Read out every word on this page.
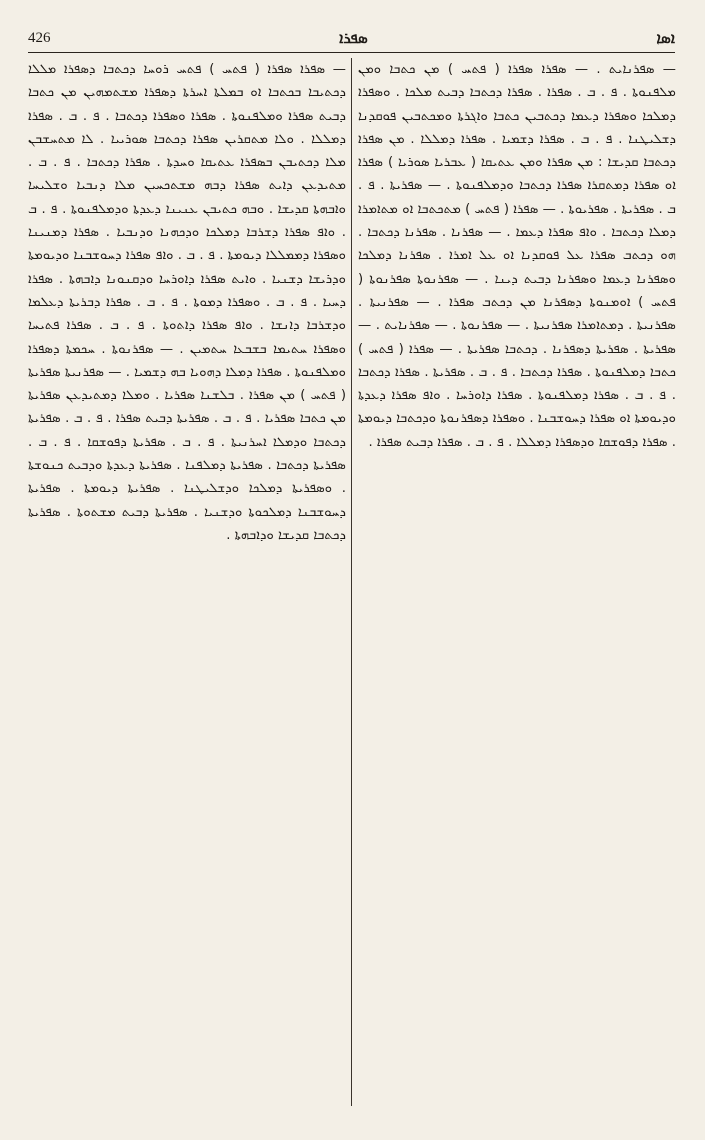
426	ܣܦܪܐ	ܐܣܐ

— ܣܦܪܐ ܣܦܪܐ ( ܦܬܚ ) ܦܬܚ ܪܘܚܐ ܕܟܬܒܐ ܕܣܦܪܐ ܡܠܠܐ ܕܟܬܝܒܐ ܒܟܬܒܐ ܐܘ ܒܡܠܬܐ ܐܚܪܬܐ ܕܣܦܪܐ ܡܫܬܡܗܝܢ ܡܢ ܟܬܒܐ ܕܒܝܬ ܣܦܪܐ ܘܡܠܦܢܘܬܐ . ܣܦܪܐ ܘܣܦܪܐ ܕܟܬܒܐ . ܦ . ܒ . ܣܦܪܐ ܕܡܠܠܐ . ܘܠܐ ܡܬܩܪܝܢ ܣܦܪܐ ܕܟܬܒܐ ܣܘܪܝܝܐ . ܠܐ ܡܬܚܫܒܢ ܡܠܐ ܕܟܬܝܒܢ ܒܣܦܪܐ ܥܬܝܩܐ ܘܚܕܬܐ . ܣܦܪܐ ܕܟܬܒܐ . ܦ . ܒ . ܡܬܝܕܥܢ ܕܐܝܬ ܣܦܪܐ ܕܒܗ ܡܫܬܟܚܝܢ ܡܠܐ ܕܢܒܝܐ ܘܫܠܝܚܐ ܘܐܒܗܬܐ ܩܕܝܫܐ . ܘܒܗ ܟܬܝܒܢ ܥܢܝܢܐ ܕܥܕܬܐ ܘܕܡܠܦܢܘܬܐ . ܦ . ܒ . ܘܐܦ ܣܦܪܐ ܕܫܪܒܐ ܕܡܠܟܐ ܘܕܟܗܢܐ ܘܕܢܒܝܐ . ܣܦܪܐ ܕܡܢܝܢܐ ܘܣܦܪܐ ܕܡܡܠܠܐ ܕܝܘܡܬܐ . ܦ . ܒ . ܘܐܦ ܣܦܪܐ ܕܚܘܫܒܢܐ ܘܕܝܘܡܬܐ ܘܕܪܝܫܐ ܕܫܢܝܐ . ܘܐܝܬ ܣܦܪܐ ܕܐܘܪܚܐ ܘܕܩܢܘܢܐ ܕܐܒܗܬܐ . ܣܦܪܐ ܕܚܝܐ . ܦ . ܒ . ܘܣܦܪܐ ܕܡܘܬܐ . ܦ . ܒ . ܣܦܪܐ ܕܒܪܝܬܐ ܕܥܠܡܐ ܘܕܫܪܒܐ ܕܐܢܫܐ . ܘܐܦ ܣܦܪܐ ܕܐܬܘܬܐ . ܦ . ܒ . ܣܦܪܐ ܦܬܝܚܐ ܘܣܦܪܐ ܚܬܝܡܐ ܒܫܒܥܐ ܚܬܡܝܢ . — ܣܦܪܢܘܬܐ . ܚܟܡܬܐ ܕܣܦܪܐ ܘܡܠܦܢܘܬܐ . ܣܦܪܐ ܕܡܠܐ ܕܗܘܝܐ ܒܗ ܕܫܡܝܐ . — ܣܦܪܢܝܬܐ ܣܦܪܝܬܐ ( ܦܬܚ ) ܡܢ ܣܦܪܐ . ܒܠܫܢܐ ܣܦܪܝܐ . ܘܡܠܐ ܕܡܬܝܕܥܢ ܣܦܪܝܬܐ ܡܢ ܟܬܒܐ ܣܦܪܝܐ . ܦ . ܒ . ܣܦܪܝܬܐ ܕܒܝܬ ܣܦܪܐ . ܦ . ܒ . ܣܦܪܝܬܐ ܕܟܬܒܐ ܘܕܡܠܐ ܐܚܪܢܝܬܐ . ܦ . ܒ . ܣܦܪܝܬܐ ܕܦܘܫܩܐ . ܦ . ܒ . ܣܦܪܝܬܐ ܕܟܬܒܐ . ܣܦܪܝܬܐ ܕܡܠܦܢܐ . ܣܦܪܝܬܐ ܕܥܕܬܐ ܘܕܒܝܬ ܟܢܘܫܬܐ . ܘܣܦܪܝܬܐ ܕܡܠܟܐ ܘܕܫܠܝܛܢܐ . ܣܦܪܝܬܐ ܕܝܘܡܬܐ . ܣܦܪܝܬܐ ܕܚܘܫܒܢܐ ܕܡܠܟܘܬܐ ܘܕܫܢܝܐ . ܣܦܪܝܬܐ ܕܒܝܬ ܡܫܬܘܬܐ . ܣܦܪܝܬܐ ܕܟܬܒܐ ܩܕܝܫܐ ܘܕܐܒܗܬܐ .

— ܣܦܪܢܐܝܬ . — ܣܦܪܐ ܣܦܪܐ ( ܦܬܚ ) ܡܢ ܟܬܒܐ ܘܡܢ ܡܠܦܢܘܬܐ . ܦ . ܒ . ܣܦܪܐ . ܣܦܪܐ ܕܟܬܒܐ ܕܒܝܬ ܡܠܟܐ . ܘܣܦܪܐ ܕܡܠܟܐ ܘܣܦܪܐ ܕܥܡܐ ܕܟܬܒܝܢ ܟܬܒܐ ܘܐܓܪܬܐ ܘܡܟܬܒܝܢ ܦܘܩܕܢܐ ܕܫܠܝܛܢܐ . ܦ . ܒ . ܣܦܪܐ ܕܫܡܝܐ . ܣܦܪܐ ܕܡܠܠܐ . ܡܢ ܣܦܪܐ ܕܟܬܒܐ ܩܕܝܫܐ : ܡܢ ܣܦܪܐ ܘܡܢ ܥܬܝܩܐ ( ܥܒܪܝܐ ܣܘܪܝܐ ) ܣܦܪܐ ܐܘ ܣܦܪܐ ܕܡܬܩܪܐ ܣܦܪܐ ܕܟܬܒܐ ܘܕܡܠܦܢܘܬܐ . — ܣܦܪܝܬܐ . ܦ . ܒ . ܣܦܪܝܬܐ . ܣܦܪܝܘܬܐ . — ܣܦܪܐ ( ܦܬܚ ) ܡܬܟܬܒܐ ܐܘ ܡܬܐܡܪܐ ܕܡܠܐ ܕܟܬܒܐ . ܘܐܦ ܣܦܪܐ ܕܥܡܐ . — ܣܦܪܢܐ . ܣܦܪܢܐ ܕܟܬܒܐ . ܗܘ ܕܟܬܒ ܣܦܪܐ ܥܠ ܦܘܩܕܢܐ ܐܘ ܥܠ ܐܡܪܐ . ܣܦܪܢܐ ܕܡܠܟܐ ܘܣܦܪܢܐ ܕܥܡܐ ܘܣܦܪܢܐ ܕܒܝܬ ܕܝܢܐ . — ܣܦܪܢܘܬܐ ܣܦܪܢܘܬܐ ( ܦܬܚ ) ܐܘܡܢܘܬܐ ܕܣܦܪܢܐ ܡܢ ܕܟܬܒ ܣܦܪܐ . — ܣܦܪܢܝܬܐ . ܣܦܪܢܝܬܐ . ܕܡܬܐܡܪܐ ܣܦܪܢܝܬܐ . — ܣܦܪܢܘܬܐ . — ܣܦܪܢܐܝܬ . — ܣܦܪܝܬܐ . ܣܦܪܝܬܐ ܕܣܦܪܢܐ . ܕܟܬܒܐ ܣܦܪܝܬܐ . — ܣܦܪܐ ( ܦܬܚ ) ܟܬܒܐ ܕܡܠܦܢܘܬܐ . ܣܦܪܐ ܕܟܬܒܐ . ܦ . ܒ . ܣܦܪܝܬܐ . ܣܦܪܐ ܕܟܬܒܐ . ܦ . ܒ . ܣܦܪܐ ܕܡܠܦܢܘܬܐ . ܣܦܪܐ ܕܐܘܪܚܐ . ܘܐܦ ܣܦܪܐ ܕܥܕܬܐ ܘܕܝܘܡܬܐ ܐܘ ܣܦܪܐ ܕܚܘܫܒܢܐ . ܘܣܦܪܐ ܕܣܦܪܢܘܬܐ ܘܕܟܬܒܐ ܕܝܘܡܬܐ . ܣܦܪܐ ܕܦܘܫܩܐ ܘܕܣܦܪܐ ܕܡܠܠܐ . ܦ . ܒ . ܣܦܪܐ ܕܒܝܬ ܣܦܪܐ .
